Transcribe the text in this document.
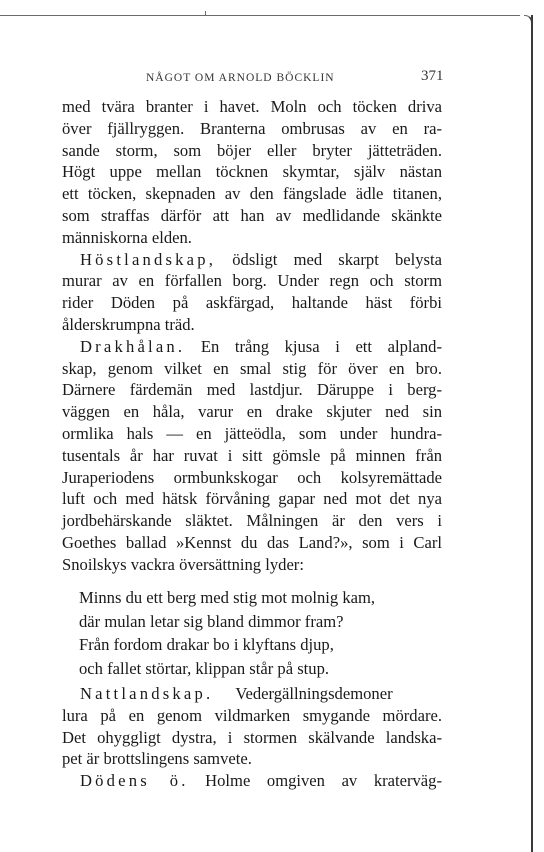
NÅGOT OM ARNOLD BÖCKLIN	371
med tvära branter i havet. Moln och töcken driva
över fjällryggen. Branterna ombrusas av en ra-
sande storm, som böjer eller bryter jätteträden.
Högt uppe mellan töcknen skymtar, själv nästan
ett töcken, skepnaden av den fängslade ädle titanen,
som straffas därför att han av medlidande skänkte
människorna elden.
Höstlandskap, ödsligt med skarpt belysta
murar av en förfallen borg. Under regn och storm
rider Döden på askfärgad, haltande häst förbi
ålderskrumpna träd.
Drakhålan. En trång kjusa i ett alpland-
skap, genom vilket en smal stig för över en bro.
Därnere färdemän med lastdjur. Däruppe i berg-
väggen en håla, varur en drake skjuter ned sin
ormlika hals — en jätteödla, som under hundra-
tusentals år har ruvat i sitt gömsle på minnen från
Juraperiodens ormbunkskogar och kolsyremättade
luft och med hätsk förvåning gapar ned mot det nya
jordbehärskande släktet. Målningen är den vers i
Goethes ballad »Kennst du das Land?», som i Carl
Snoilskys vackra översättning lyder:
Minns du ett berg med stig mot molnig kam,
där mulan letar sig bland dimmor fram?
Från fordom drakar bo i klyftans djup,
och fallet störtar, klippan står på stup.
Nattlandskap. Vedergällningsdemoner
lura på en genom vildmarken smygande mördare.
Det ohyggligt dystra, i stormen skälvande landska-
pet är brottslingens samvete.
Dödens ö. Holme omgiven av kraterväg-
